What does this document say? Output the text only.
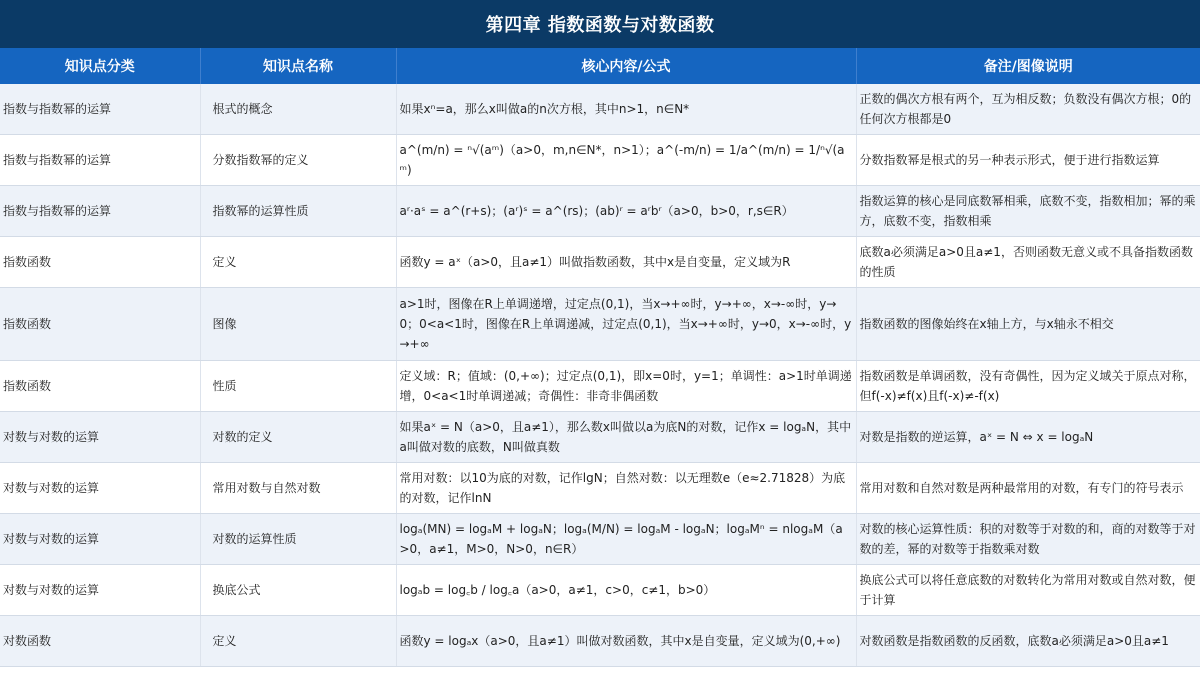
第四章 指数函数与对数函数
知识点分类	知识点名称	核心内容/公式	备注/图像说明
指数与指数幂的运算	根式的概念	如果xⁿ=a，那么x叫做a的n次方根，其中n>1，n∈N*	正数的偶次方根有两个，互为相反数；负数没有偶次方根；0的任何次方根都是0
指数与指数幂的运算	分数指数幂的定义	a^(m/n) = ⁿ√(aᵐ)（a>0，m,n∈N*，n>1）；a^(-m/n) = 1/a^(m/n) = 1/ⁿ√(aᵐ)	分数指数幂是根式的另一种表示形式，便于进行指数运算
指数与指数幂的运算	指数幂的运算性质	aʳ·aˢ = a^(r+s)；(aʳ)ˢ = a^(rs)；(ab)ʳ = aʳbʳ（a>0，b>0，r,s∈R）	指数运算的核心是同底数幂相乘，底数不变，指数相加；幂的乘方，底数不变，指数相乘
指数函数	定义	函数y = aˣ（a>0，且a≠1）叫做指数函数，其中x是自变量，定义域为R	底数a必须满足a>0且a≠1，否则函数无意义或不具备指数函数的性质
指数函数	图像	a>1时，图像在R上单调递增，过定点(0,1)，当x→+∞时，y→+∞，x→-∞时，y→0；0<a<1时，图像在R上单调递减，过定点(0,1)，当x→+∞时，y→0，x→-∞时，y→+∞	指数函数的图像始终在x轴上方，与x轴永不相交
指数函数	性质	定义域：R；值域：(0,+∞)；过定点(0,1)，即x=0时，y=1；单调性：a>1时单调递增，0<a<1时单调递减；奇偶性：非奇非偶函数	指数函数是单调函数，没有奇偶性，因为定义域关于原点对称，但f(-x)≠f(x)且f(-x)≠-f(x)
对数与对数的运算	对数的定义	如果aˣ = N（a>0，且a≠1），那么数x叫做以a为底N的对数，记作x = logₐN，其中a叫做对数的底数，N叫做真数	对数是指数的逆运算，aˣ = N ⇔ x = logₐN
对数与对数的运算	常用对数与自然对数	常用对数：以10为底的对数，记作lgN；自然对数：以无理数e（e≈2.71828）为底的对数，记作lnN	常用对数和自然对数是两种最常用的对数，有专门的符号表示
对数与对数的运算	对数的运算性质	logₐ(MN) = logₐM + logₐN；logₐ(M/N) = logₐM - logₐN；logₐMⁿ = nlogₐM（a>0，a≠1，M>0，N>0，n∈R）	对数的核心运算性质：积的对数等于对数的和，商的对数等于对数的差，幂的对数等于指数乘对数
对数与对数的运算	换底公式	logₐb = log꜀b / log꜀a（a>0，a≠1，c>0，c≠1，b>0）	换底公式可以将任意底数的对数转化为常用对数或自然对数，便于计算
对数函数	定义	函数y = logₐx（a>0，且a≠1）叫做对数函数，其中x是自变量，定义域为(0,+∞)	对数函数是指数函数的反函数，底数a必须满足a>0且a≠1
